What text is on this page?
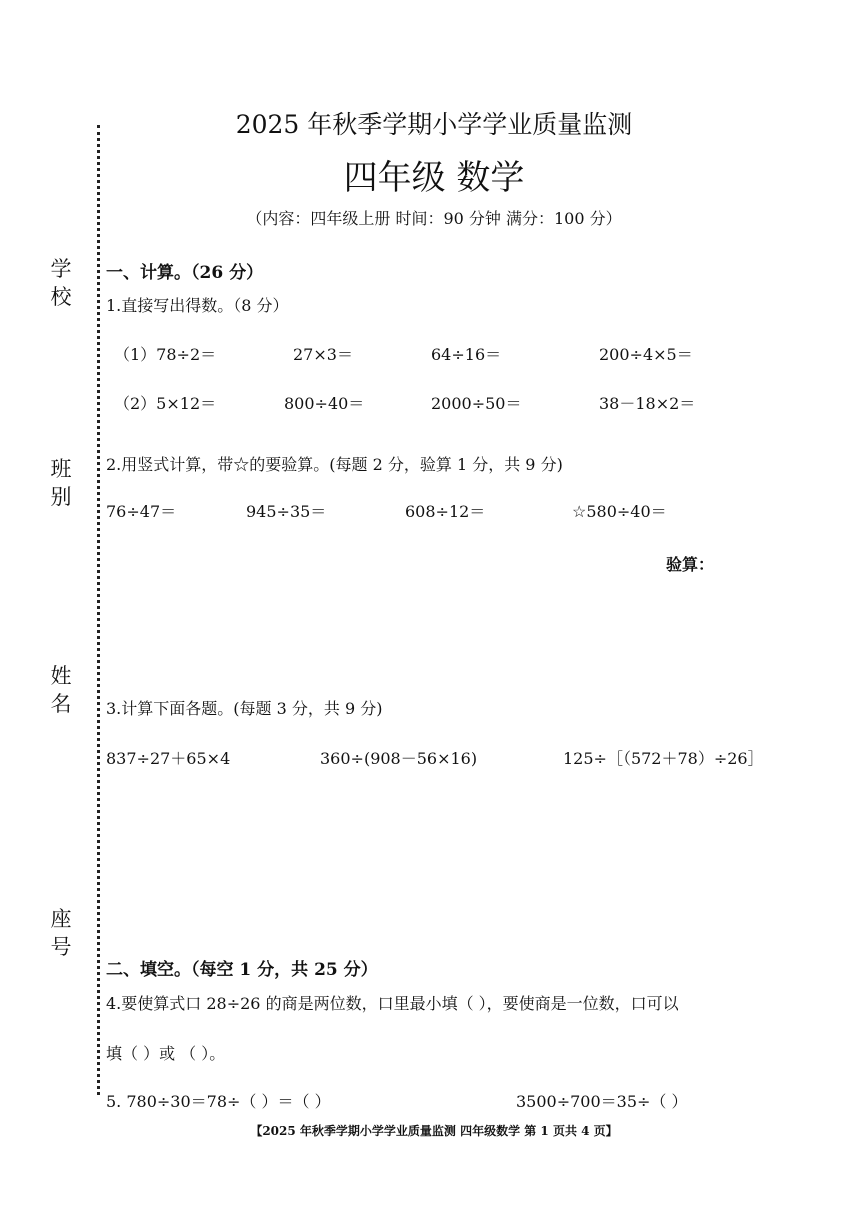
学校
班别
姓名
座号
2025 年秋季学期小学学业质量监测
四年级 数学
（内容：四年级上册 时间：90 分钟 满分：100 分）
一、计算。（26 分）
1.直接写出得数。（8 分）
（1）78÷2＝	27×3＝	64÷16＝	200÷4×5＝
（2）5×12＝	800÷40＝	2000÷50＝	38－18×2＝
2.用竖式计算，带☆的要验算。(每题 2 分，验算 1 分，共 9 分)
76÷47＝	945÷35＝	608÷12＝	☆580÷40＝
验算：
3.计算下面各题。(每题 3 分，共 9 分)
837÷27＋65×4	360÷(908－56×16)	125÷［（572＋78）÷26］
二、填空。（每空 1 分，共 25 分）
4.要使算式口 28÷26 的商是两位数，口里最小填（ ），要使商是一位数，口可以
填（ ）或 （ ）。
5. 780÷30＝78÷（ ）＝（ ）	3500÷700＝35÷（ ）
【2025 年秋季学期小学学业质量监测 四年级数学 第 1 页共 4 页】
